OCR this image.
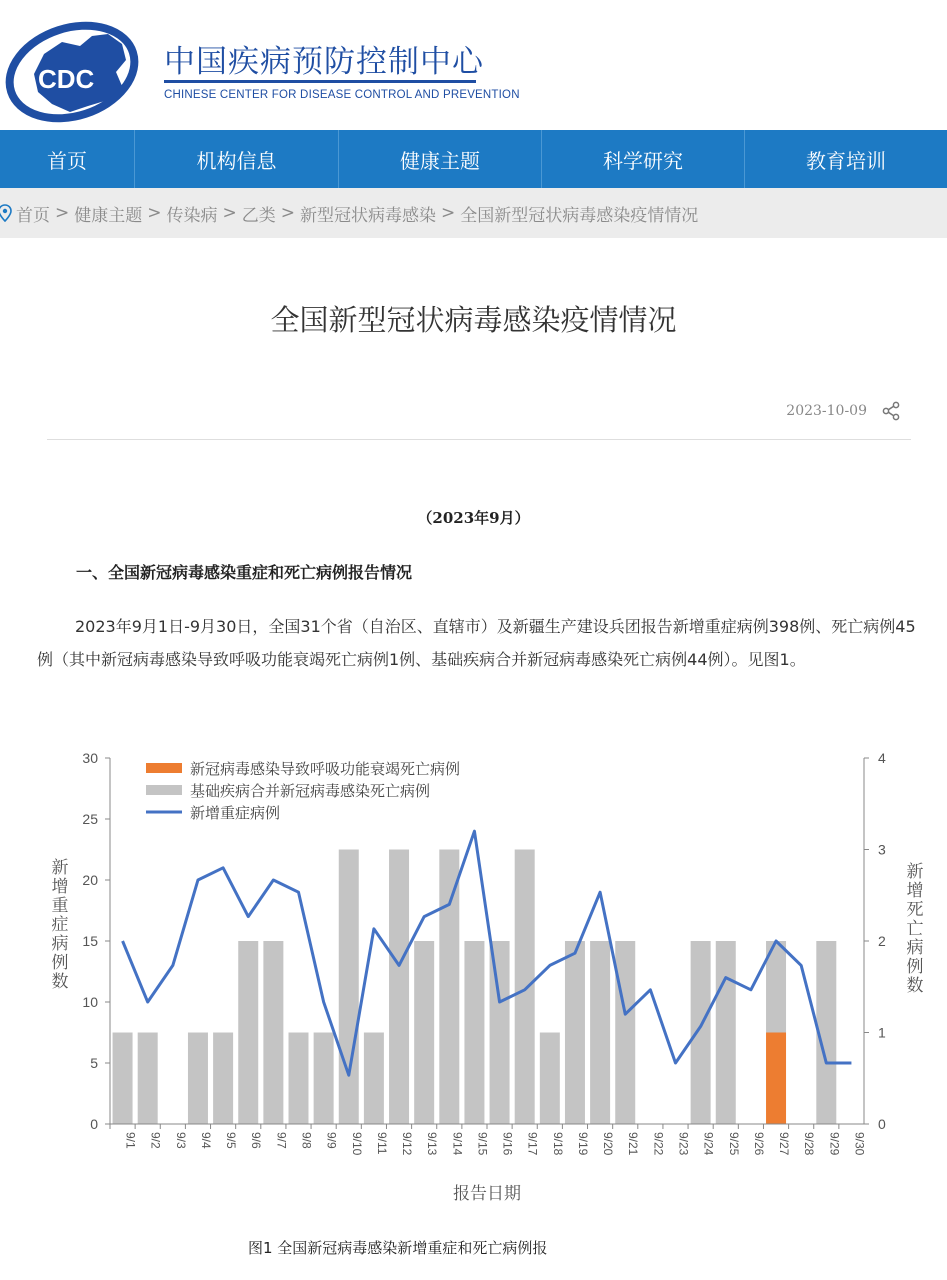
CDC 中国疾病预防控制中心
CHINESE CENTER FOR DISEASE CONTROL AND PREVENTION
首页	机构信息	健康主题	科学研究	教育培训
首页 > 健康主题 > 传染病 > 乙类 > 新型冠状病毒感染 > 全国新型冠状病毒感染疫情情况
全国新型冠状病毒感染疫情情况
2023-10-09
（2023年9月）
一、全国新冠病毒感染重症和死亡病例报告情况

2023年9月1日-9月30日，全国31个省（自治区、直辖市）及新疆生产建设兵团报告新增重症病例398例、死亡病例45例（其中新冠病毒感染导致呼吸功能衰竭死亡病例1例、基础疾病合并新冠病毒感染死亡病例44例）。见图1。

0
5
10
15
20
25
30
0
1
2
3
4
9/1 9/2 9/3 9/4 9/5 9/6 9/7 9/8 9/9 9/10 9/11 9/12 9/13 9/14 9/15 9/16 9/17 9/18 9/19 9/20 9/21 9/22 9/23 9/24 9/25 9/26 9/27 9/28 9/29 9/30
报告日期
新增重症病例数
新增死亡病例数
新冠病毒感染导致呼吸功能衰竭死亡病例
基础疾病合并新冠病毒感染死亡病例
新增重症病例
图1 全国新冠病毒感染新增重症和死亡病例报
